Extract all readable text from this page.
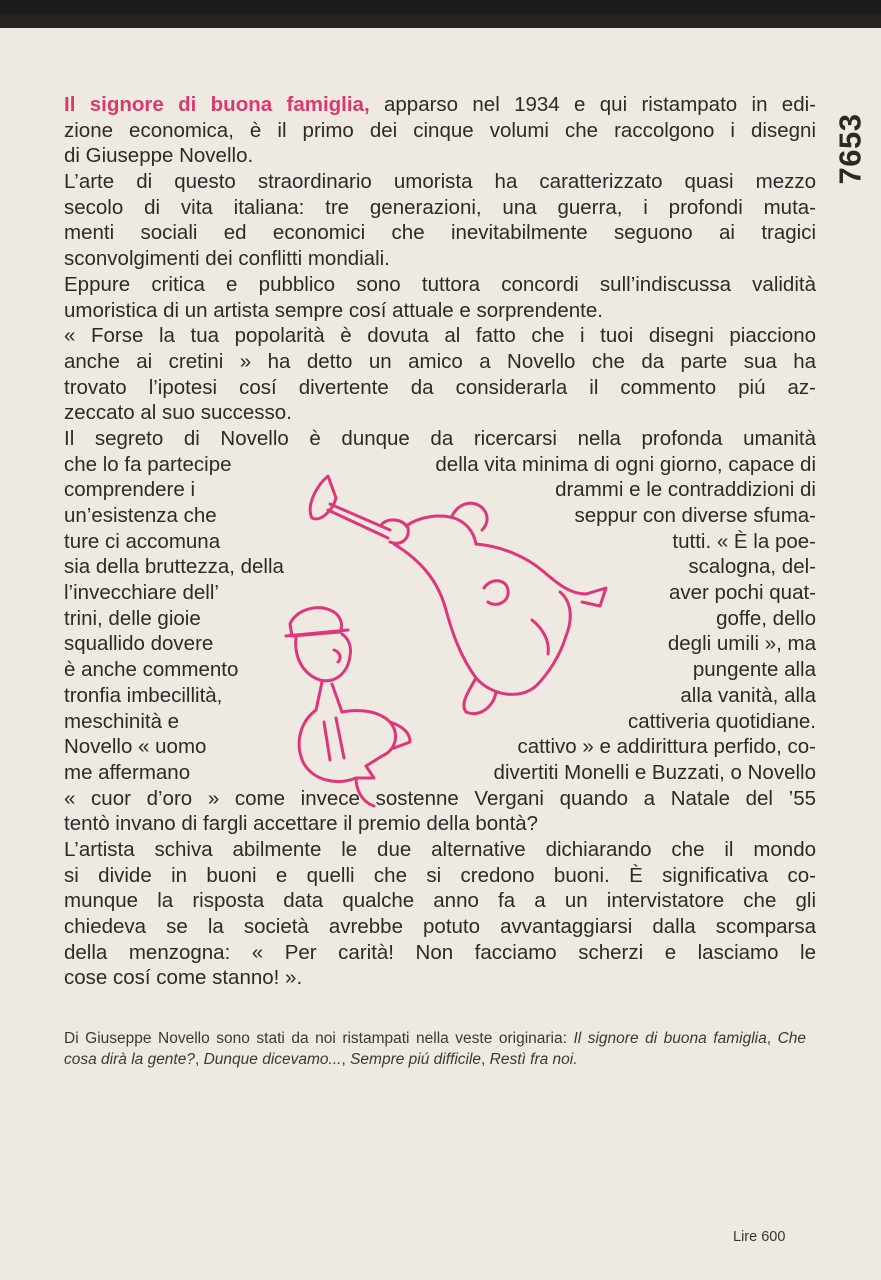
7653
Il signore di buona famiglia, apparso nel 1934 e qui ristampato in edi-
zione economica, è il primo dei cinque volumi che raccolgono i disegni
di Giuseppe Novello.
L’arte di questo straordinario umorista ha caratterizzato quasi mezzo
secolo di vita italiana: tre generazioni, una guerra, i profondi muta-
menti sociali ed economici che inevitabilmente seguono ai tragici
sconvolgimenti dei conflitti mondiali.
Eppure critica e pubblico sono tuttora concordi sull’indiscussa validità
umoristica di un artista sempre cosí attuale e sorprendente.
« Forse la tua popolarità è dovuta al fatto che i tuoi disegni piacciono
anche ai cretini » ha detto un amico a Novello che da parte sua ha
trovato l’ipotesi cosí divertente da considerarla il commento piú az-
zeccato al suo successo.
Il segreto di Novello è dunque da ricercarsi nella profonda umanità
che lo fa partecipe	della vita minima di ogni giorno, capace di
comprendere i	drammi e le contraddizioni di
un’esistenza che	seppur con diverse sfuma-
ture ci accomuna	tutti. « È la poe-
sia della bruttezza, della	scalogna, del-
l’invecchiare dell’	aver pochi quat-
trini, delle gioie	goffe, dello
squallido dovere	degli umili », ma
è anche commento	pungente alla
tronfia imbecillità,	alla vanità, alla
meschinità e	cattiveria quotidiane.
Novello « uomo	cattivo » e addirittura perfido, co-
me affermano	divertiti Monelli e Buzzati, o Novello
« cuor d’oro » come invece sostenne Vergani quando a Natale del ’55
tentò invano di fargli accettare il premio della bontà?
L’artista schiva abilmente le due alternative dichiarando che il mondo
si divide in buoni e quelli che si credono buoni. È significativa co-
munque la risposta data qualche anno fa a un intervistatore che gli
chiedeva se la società avrebbe potuto avvantaggiarsi dalla scomparsa
della menzogna: « Per carità! Non facciamo scherzi e lasciamo le
cose cosí come stanno! ».

Di Giuseppe Novello sono stati da noi ristampati nella veste originaria: Il signore di buona famiglia, Che cosa dirà la gente?, Dunque dicevamo..., Sempre piú difficile, Restì fra noi.

Lire 600
